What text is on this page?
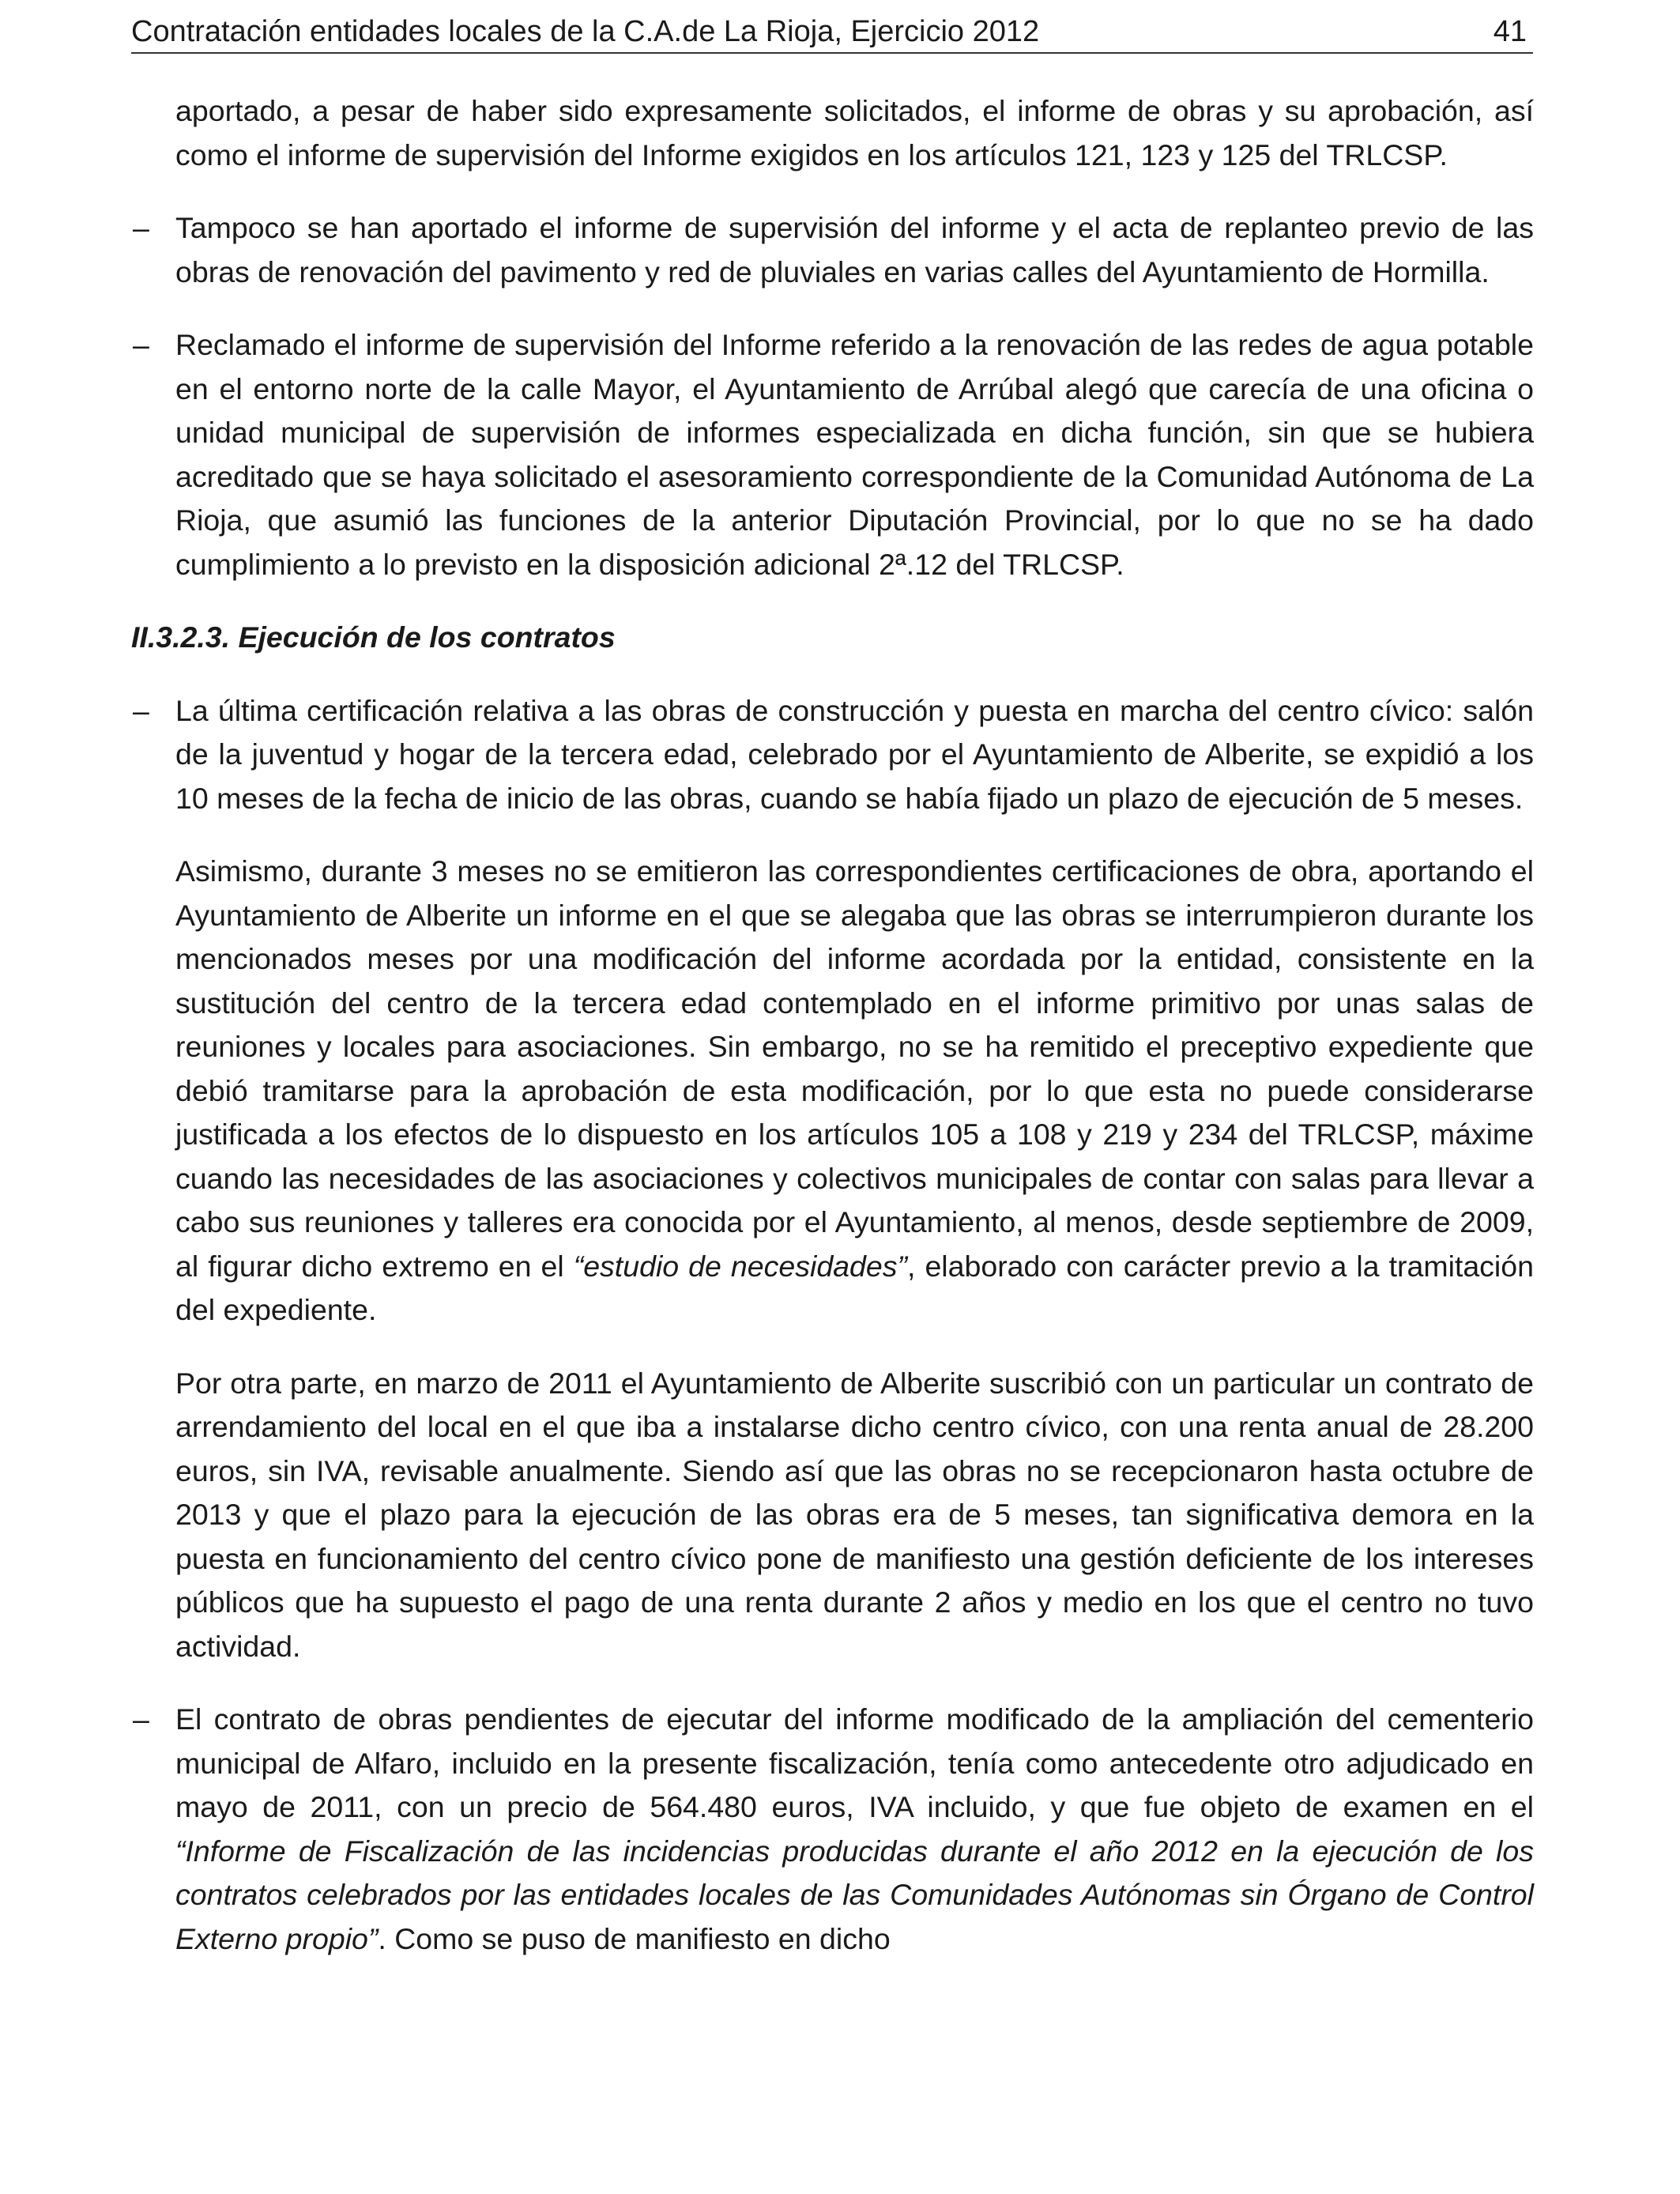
Contratación entidades locales de la C.A.de La Rioja, Ejercicio 2012	41

aportado, a pesar de haber sido expresamente solicitados, el informe de obras y su aprobación, así como el informe de supervisión del Informe exigidos en los artículos 121, 123 y 125 del TRLCSP.

– Tampoco se han aportado el informe de supervisión del informe y el acta de replanteo previo de las obras de renovación del pavimento y red de pluviales en varias calles del Ayuntamiento de Hormilla.
– Reclamado el informe de supervisión del Informe referido a la renovación de las redes de agua potable en el entorno norte de la calle Mayor, el Ayuntamiento de Arrúbal alegó que carecía de una oficina o unidad municipal de supervisión de informes especializada en dicha función, sin que se hubiera acreditado que se haya solicitado el asesoramiento correspondiente de la Comunidad Autónoma de La Rioja, que asumió las funciones de la anterior Diputación Provincial, por lo que no se ha dado cumplimiento a lo previsto en la disposición adicional 2ª.12 del TRLCSP.

II.3.2.3. Ejecución de los contratos

– La última certificación relativa a las obras de construcción y puesta en marcha del centro cívico: salón de la juventud y hogar de la tercera edad, celebrado por el Ayuntamiento de Alberite, se expidió a los 10 meses de la fecha de inicio de las obras, cuando se había fijado un plazo de ejecución de 5 meses.

Asimismo, durante 3 meses no se emitieron las correspondientes certificaciones de obra, aportando el Ayuntamiento de Alberite un informe en el que se alegaba que las obras se interrumpieron durante los mencionados meses por una modificación del informe acordada por la entidad, consistente en la sustitución del centro de la tercera edad contemplado en el informe primitivo por unas salas de reuniones y locales para asociaciones. Sin embargo, no se ha remitido el preceptivo expediente que debió tramitarse para la aprobación de esta modificación, por lo que esta no puede considerarse justificada a los efectos de lo dispuesto en los artículos 105 a 108 y 219 y 234 del TRLCSP, máxime cuando las necesidades de las asociaciones y colectivos municipales de contar con salas para llevar a cabo sus reuniones y talleres era conocida por el Ayuntamiento, al menos, desde septiembre de 2009, al figurar dicho extremo en el “estudio de necesidades”, elaborado con carácter previo a la tramitación del expediente.

Por otra parte, en marzo de 2011 el Ayuntamiento de Alberite suscribió con un particular un contrato de arrendamiento del local en el que iba a instalarse dicho centro cívico, con una renta anual de 28.200 euros, sin IVA, revisable anualmente. Siendo así que las obras no se recepcionaron hasta octubre de 2013 y que el plazo para la ejecución de las obras era de 5 meses, tan significativa demora en la puesta en funcionamiento del centro cívico pone de manifiesto una gestión deficiente de los intereses públicos que ha supuesto el pago de una renta durante 2 años y medio en los que el centro no tuvo actividad.

– El contrato de obras pendientes de ejecutar del informe modificado de la ampliación del cementerio municipal de Alfaro, incluido en la presente fiscalización, tenía como antecedente otro adjudicado en mayo de 2011, con un precio de 564.480 euros, IVA incluido, y que fue objeto de examen en el “Informe de Fiscalización de las incidencias producidas durante el año 2012 en la ejecución de los contratos celebrados por las entidades locales de las Comunidades Autónomas sin Órgano de Control Externo propio”. Como se puso de manifiesto en dicho
